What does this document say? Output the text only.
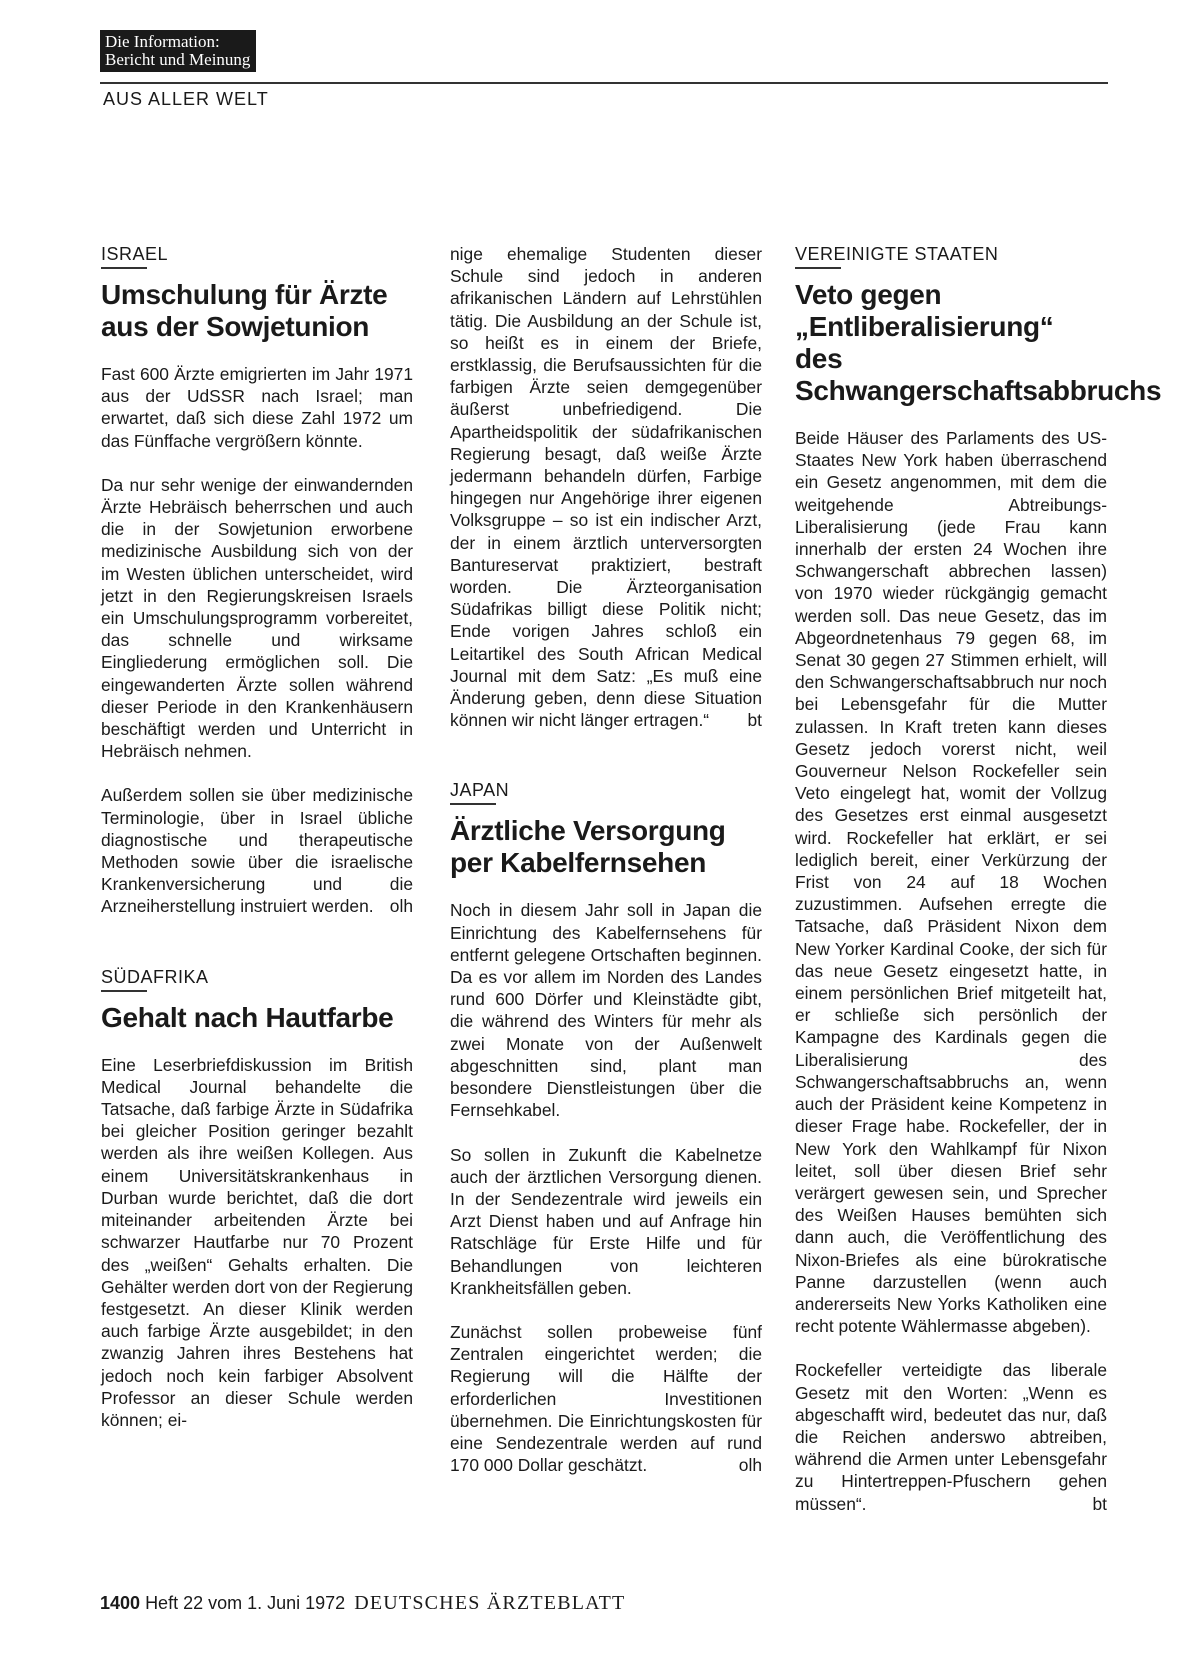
Die Information:
Bericht und Meinung
AUS ALLER WELT
ISRAEL
Umschulung für Ärzte aus der Sowjetunion

Fast 600 Ärzte emigrierten im Jahr 1971 aus der UdSSR nach Israel; man erwartet, daß sich diese Zahl 1972 um das Fünffache vergrößern könnte.

Da nur sehr wenige der einwandernden Ärzte Hebräisch beherrschen und auch die in der Sowjetunion erworbene medizinische Ausbildung sich von der im Westen üblichen unterscheidet, wird jetzt in den Regierungskreisen Israels ein Umschulungsprogramm vorbereitet, das schnelle und wirksame Eingliederung ermöglichen soll. Die eingewanderten Ärzte sollen während dieser Periode in den Krankenhäusern beschäftigt werden und Unterricht in Hebräisch nehmen.

Außerdem sollen sie über medizinische Terminologie, über in Israel übliche diagnostische und therapeutische Methoden sowie über die israelische Krankenversicherung und die Arzneiherstellung instruiert werden. olh

SÜDAFRIKA
Gehalt nach Hautfarbe

Eine Leserbriefdiskussion im British Medical Journal behandelte die Tatsache, daß farbige Ärzte in Südafrika bei gleicher Position geringer bezahlt werden als ihre weißen Kollegen. Aus einem Universitätskrankenhaus in Durban wurde berichtet, daß die dort miteinander arbeitenden Ärzte bei schwarzer Hautfarbe nur 70 Prozent des „weißen“ Gehalts erhalten. Die Gehälter werden dort von der Regierung festgesetzt. An dieser Klinik werden auch farbige Ärzte ausgebildet; in den zwanzig Jahren ihres Bestehens hat jedoch noch kein farbiger Absolvent Professor an dieser Schule werden können; ei-

nige ehemalige Studenten dieser Schule sind jedoch in anderen afrikanischen Ländern auf Lehrstühlen tätig. Die Ausbildung an der Schule ist, so heißt es in einem der Briefe, erstklassig, die Berufsaussichten für die farbigen Ärzte seien demgegenüber äußerst unbefriedigend. Die Apartheidspolitik der südafrikanischen Regierung besagt, daß weiße Ärzte jedermann behandeln dürfen, Farbige hingegen nur Angehörige ihrer eigenen Volksgruppe – so ist ein indischer Arzt, der in einem ärztlich unterversorgten Bantureservat praktiziert, bestraft worden. Die Ärzteorganisation Südafrikas billigt diese Politik nicht; Ende vorigen Jahres schloß ein Leitartikel des South African Medical Journal mit dem Satz: „Es muß eine Änderung geben, denn diese Situation können wir nicht länger ertragen.“	bt

JAPAN
Ärztliche Versorgung per Kabelfernsehen

Noch in diesem Jahr soll in Japan die Einrichtung des Kabelfernsehens für entfernt gelegene Ortschaften beginnen. Da es vor allem im Norden des Landes rund 600 Dörfer und Kleinstädte gibt, die während des Winters für mehr als zwei Monate von der Außenwelt abgeschnitten sind, plant man besondere Dienstleistungen über die Fernsehkabel.

So sollen in Zukunft die Kabelnetze auch der ärztlichen Versorgung dienen. In der Sendezentrale wird jeweils ein Arzt Dienst haben und auf Anfrage hin Ratschläge für Erste Hilfe und für Behandlungen von leichteren Krankheitsfällen geben.

Zunächst sollen probeweise fünf Zentralen eingerichtet werden; die Regierung will die Hälfte der erforderlichen Investitionen übernehmen. Die Einrichtungskosten für eine Sendezentrale werden auf rund 170 000 Dollar geschätzt.	olh

VEREINIGTE STAATEN
Veto gegen „Entliberalisierung“ des Schwangerschaftsabbruchs

Beide Häuser des Parlaments des US-Staates New York haben überraschend ein Gesetz angenommen, mit dem die weitgehende Abtreibungs-Liberalisierung (jede Frau kann innerhalb der ersten 24 Wochen ihre Schwangerschaft abbrechen lassen) von 1970 wieder rückgängig gemacht werden soll. Das neue Gesetz, das im Abgeordnetenhaus 79 gegen 68, im Senat 30 gegen 27 Stimmen erhielt, will den Schwangerschaftsabbruch nur noch bei Lebensgefahr für die Mutter zulassen. In Kraft treten kann dieses Gesetz jedoch vorerst nicht, weil Gouverneur Nelson Rockefeller sein Veto eingelegt hat, womit der Vollzug des Gesetzes erst einmal ausgesetzt wird. Rockefeller hat erklärt, er sei lediglich bereit, einer Verkürzung der Frist von 24 auf 18 Wochen zuzustimmen. Aufsehen erregte die Tatsache, daß Präsident Nixon dem New Yorker Kardinal Cooke, der sich für das neue Gesetz eingesetzt hatte, in einem persönlichen Brief mitgeteilt hat, er schließe sich persönlich der Kampagne des Kardinals gegen die Liberalisierung des Schwangerschaftsabbruchs an, wenn auch der Präsident keine Kompetenz in dieser Frage habe. Rockefeller, der in New York den Wahlkampf für Nixon leitet, soll über diesen Brief sehr verärgert gewesen sein, und Sprecher des Weißen Hauses bemühten sich dann auch, die Veröffentlichung des Nixon-Briefes als eine bürokratische Panne darzustellen (wenn auch andererseits New Yorks Katholiken eine recht potente Wählermasse abgeben).

Rockefeller verteidigte das liberale Gesetz mit den Worten: „Wenn es abgeschafft wird, bedeutet das nur, daß die Reichen anderswo abtreiben, während die Armen unter Lebensgefahr zu Hintertreppen-Pfuschern gehen müssen“.	bt

1400 Heft 22 vom 1. Juni 1972 DEUTSCHES ÄRZTEBLATT
